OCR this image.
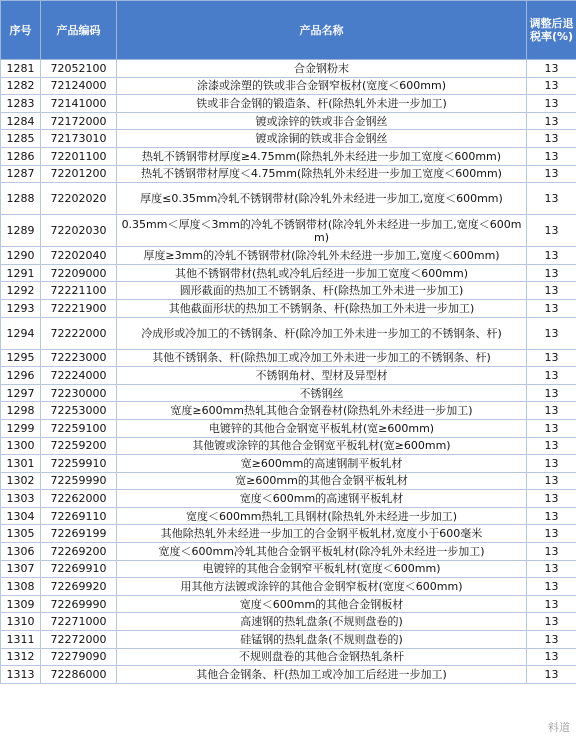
序号	产品编码	产品名称	调整后退税率(%)
1281	72052100	合金钢粉末	13
1282	72124000	涂漆或涂塑的铁或非合金钢窄板材(宽度＜600mm)	13
1283	72141000	铁或非合金钢的锻造条、杆(除热轧外未进一步加工)	13
1284	72172000	镀或涂锌的铁或非合金钢丝	13
1285	72173010	镀或涂铜的铁或非合金钢丝	13
1286	72201100	热轧不锈钢带材厚度≥4.75mm(除热轧外未经进一步加工宽度＜600mm)	13
1287	72201200	热轧不锈钢带材厚度＜4.75mm(除热轧外未经进一步加工宽度＜600mm)	13
1288	72202020	厚度≤0.35mm冷轧不锈钢带材(除冷轧外未经进一步加工,宽度＜600mm)	13
1289	72202030	0.35mm＜厚度＜3mm的冷轧不锈钢带材(除冷轧外未经进一步加工,宽度＜600mm)	13
1290	72202040	厚度≥3mm的冷轧不锈钢带材(除冷轧外未经进一步加工,宽度＜600mm)	13
1291	72209000	其他不锈钢带材(热轧或冷轧后经进一步加工宽度＜600mm)	13
1292	72221100	圆形截面的热加工不锈钢条、杆(除热加工外未进一步加工)	13
1293	72221900	其他截面形状的热加工不锈钢条、杆(除热加工外未进一步加工)	13
1294	72222000	冷成形或冷加工的不锈钢条、杆(除冷加工外未进一步加工的不锈钢条、杆)	13
1295	72223000	其他不锈钢条、杆(除热加工或冷加工外未进一步加工的不锈钢条、杆)	13
1296	72224000	不锈钢角材、型材及异型材	13
1297	72230000	不锈钢丝	13
1298	72253000	宽度≥600mm热轧其他合金钢卷材(除热轧外未经进一步加工)	13
1299	72259100	电镀锌的其他合金钢宽平板轧材(宽≥600mm)	13
1300	72259200	其他镀或涂锌的其他合金钢宽平板轧材(宽≥600mm)	13
1301	72259910	宽≥600mm的高速钢制平板轧材	13
1302	72259990	宽≥600mm的其他合金钢平板轧材	13
1303	72262000	宽度＜600mm的高速钢平板轧材	13
1304	72269110	宽度＜600mm热轧工具钢材(除热轧外未经进一步加工)	13
1305	72269199	其他除热轧外未经进一步加工的合金钢平板轧材,宽度小于600毫米	13
1306	72269200	宽度＜600mm冷轧其他合金钢平板轧材(除冷轧外未经进一步加工)	13
1307	72269910	电镀锌的其他合金钢窄平板轧材(宽度＜600mm)	13
1308	72269920	用其他方法镀或涂锌的其他合金钢窄板材(宽度＜600mm)	13
1309	72269990	宽度＜600mm的其他合金钢板材	13
1310	72271000	高速钢的热轧盘条(不规则盘卷的)	13
1311	72272000	硅锰钢的热轧盘条(不规则盘卷的)	13
1312	72279090	不规则盘卷的其他合金钢热轧条杆	13
1313	72286000	其他合金钢条、杆(热加工或冷加工后经进一步加工)	13
料道
